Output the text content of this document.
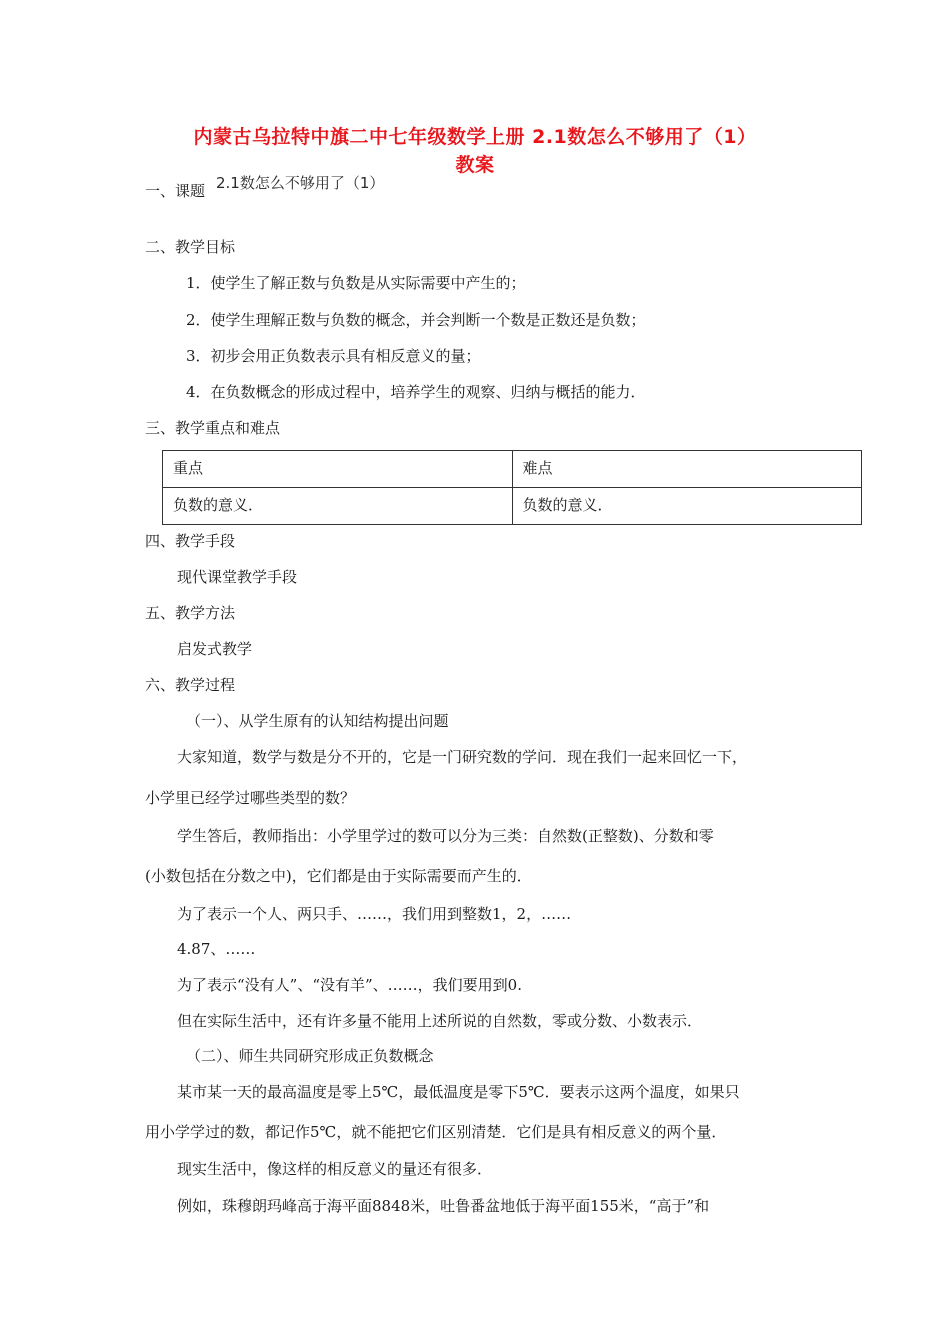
内蒙古乌拉特中旗二中七年级数学上册 2.1数怎么不够用了（1）
教案
一、课题 2.1数怎么不够用了（1）
二、教学目标
1．使学生了解正数与负数是从实际需要中产生的；
2．使学生理解正数与负数的概念，并会判断一个数是正数还是负数；
3．初步会用正负数表示具有相反意义的量；
4．在负数概念的形成过程中，培养学生的观察、归纳与概括的能力．
三、教学重点和难点
重点	难点
负数的意义．	负数的意义．
四、教学手段
现代课堂教学手段
五、教学方法
启发式教学
六、教学过程
（一）、从学生原有的认知结构提出问题
大家知道，数学与数是分不开的，它是一门研究数的学问．现在我们一起来回忆一下，
小学里已经学过哪些类型的数？
学生答后，教师指出：小学里学过的数可以分为三类：自然数(正整数)、分数和零
(小数包括在分数之中)，它们都是由于实际需要而产生的．
为了表示一个人、两只手、……，我们用到整数1，2，……
4.87、……
为了表示“没有人”、“没有羊”、……，我们要用到0.
但在实际生活中，还有许多量不能用上述所说的自然数，零或分数、小数表示．
（二）、师生共同研究形成正负数概念
某市某一天的最高温度是零上5℃，最低温度是零下5℃．要表示这两个温度，如果只
用小学学过的数，都记作5℃，就不能把它们区别清楚．它们是具有相反意义的两个量．
现实生活中，像这样的相反意义的量还有很多．
例如，珠穆朗玛峰高于海平面8848米，吐鲁番盆地低于海平面155米，“高于”和
